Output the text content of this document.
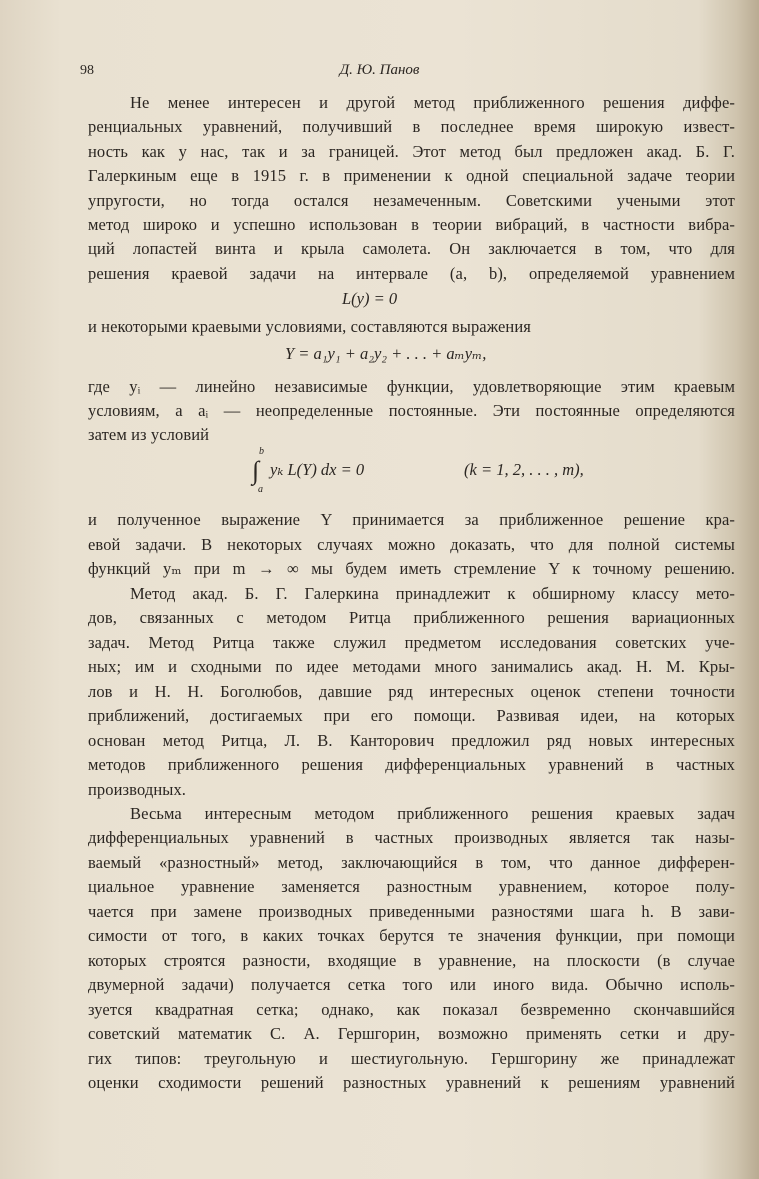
98	Д. Ю. Панов
Не менее интересен и другой метод приближенного решения диффе-
ренциальных уравнений, получивший в последнее время широкую извест-
ность как у нас, так и за границей. Этот метод был предложен акад. Б. Г.
Галеркиным еще в 1915 г. в применении к одной специальной задаче теории
упругости, но тогда остался незамеченным. Советскими учеными этот
метод широко и успешно использован в теории вибраций, в частности вибра-
ций лопастей винта и крыла самолета. Он заключается в том, что для
решения краевой задачи на интервале (a, b), определяемой уравнением
L(y) = 0
и некоторыми краевыми условиями, составляются выражения
Y = a₁y₁ + a₂y₂ + . . . + aₘyₘ,
где yᵢ — линейно независимые функции, удовлетворяющие этим краевым
условиям, а aᵢ — неопределенные постоянные. Эти постоянные определяются
затем из условий
b
∫
a
yₖ L(Y) dx = 0	(k = 1, 2, . . . , m),
и полученное выражение Y принимается за приближенное решение кра-
евой задачи. В некоторых случаях можно доказать, что для полной системы
функций yₘ при m → ∞ мы будем иметь стремление Y к точному решению.
Метод акад. Б. Г. Галеркина принадлежит к обширному классу мето-
дов, связанных с методом Ритца приближенного решения вариационных
задач. Метод Ритца также служил предметом исследования советских уче-
ных; им и сходными по идее методами много занимались акад. Н. М. Кры-
лов и Н. Н. Боголюбов, давшие ряд интересных оценок степени точности
приближений, достигаемых при его помощи. Развивая идеи, на которых
основан метод Ритца, Л. В. Канторович предложил ряд новых интересных
методов приближенного решения дифференциальных уравнений в частных
производных.
Весьма интересным методом приближенного решения краевых задач
дифференциальных уравнений в частных производных является так назы-
ваемый «разностный» метод, заключающийся в том, что данное дифферен-
циальное уравнение заменяется разностным уравнением, которое полу-
чается при замене производных приведенными разностями шага h. В зави-
симости от того, в каких точках берутся те значения функции, при помощи
которых строятся разности, входящие в уравнение, на плоскости (в случае
двумерной задачи) получается сетка того или иного вида. Обычно исполь-
зуется квадратная сетка; однако, как показал безвременно скончавшийся
советский математик С. А. Гершгорин, возможно применять сетки и дру-
гих типов: треугольную и шестиугольную. Гершгорину же принадлежат
оценки сходимости решений разностных уравнений к решениям уравнений
